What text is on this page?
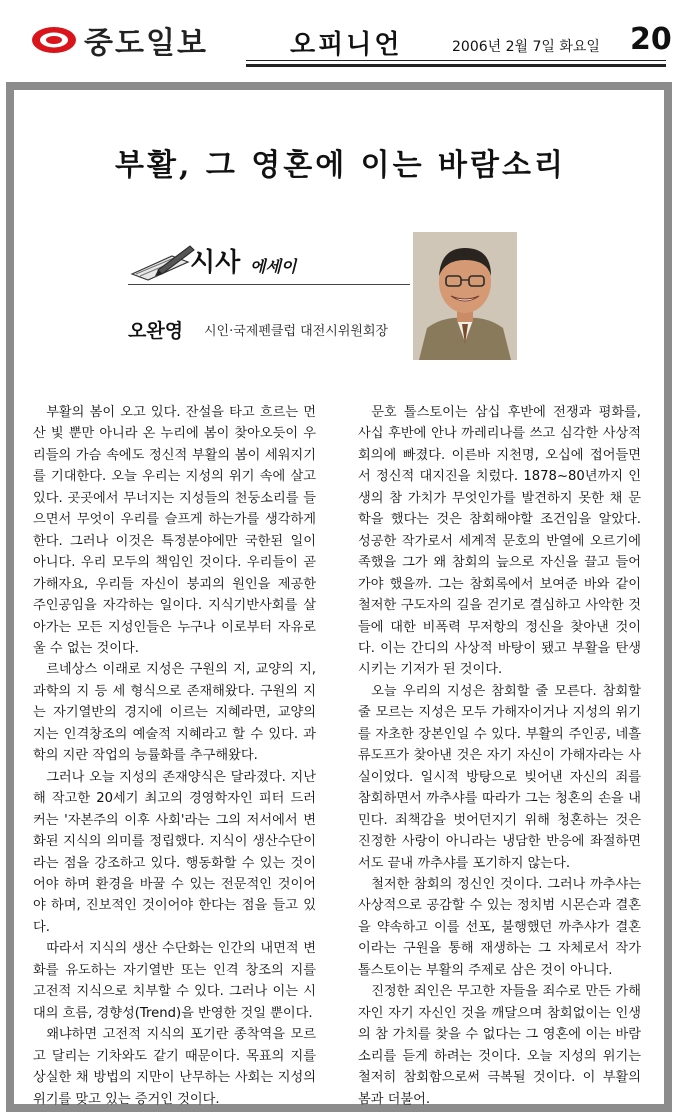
중도일보	오피니언	2006년 2월 7일 화요일 20
부활, 그 영혼에 이는 바람소리
시사 에세이
오완영 시인·국제펜클럽 대전시위원회장

부활의 봄이 오고 있다. 잔설을 타고 흐르는 먼 산 빛 뿐만 아니라 온 누리에 봄이 찾아오듯이 우리들의 가슴 속에도 정신적 부활의 봄이 세워지기를 기대한다. 오늘 우리는 지성의 위기 속에 살고 있다. 곳곳에서 무너지는 지성들의 천둥소리를 들으면서 무엇이 우리를 슬프게 하는가를 생각하게 한다. 그러나 이것은 특정분야에만 국한된 일이 아니다. 우리 모두의 책임인 것이다. 우리들이 곧 가해자요, 우리들 자신이 붕괴의 원인을 제공한 주인공임을 자각하는 일이다. 지식기반사회를 살아가는 모든 지성인들은 누구나 이로부터 자유로울 수 없는 것이다.

르네상스 이래로 지성은 구원의 지, 교양의 지, 과학의 지 등 세 형식으로 존재해왔다. 구원의 지는 자기열반의 경지에 이르는 지혜라면, 교양의 지는 인격창조의 예술적 지혜라고 할 수 있다. 과학의 지란 작업의 능률화를 추구해왔다.

그러나 오늘 지성의 존재양식은 달라졌다. 지난해 작고한 20세기 최고의 경영학자인 피터 드러커는 '자본주의 이후 사회'라는 그의 저서에서 변화된 지식의 의미를 정립했다. 지식이 생산수단이라는 점을 강조하고 있다. 행동화할 수 있는 것이어야 하며 환경을 바꿀 수 있는 전문적인 것이어야 하며, 진보적인 것이어야 한다는 점을 들고 있다.

따라서 지식의 생산 수단화는 인간의 내면적 변화를 유도하는 자기열반 또는 인격 창조의 지를 고전적 지식으로 치부할 수 있다. 그러나 이는 시대의 흐름, 경향성(Trend)을 반영한 것일 뿐이다.

왜냐하면 고전적 지식의 포기란 종착역을 모르고 달리는 기차와도 같기 때문이다. 목표의 지를 상실한 채 방법의 지만이 난무하는 사회는 지성의 위기를 맞고 있는 증거인 것이다.

문호 톨스토이는 삼십 후반에 전쟁과 평화를, 사십 후반에 안나 까레리나를 쓰고 심각한 사상적 회의에 빠졌다. 이른바 지천명, 오십에 접어들면서 정신적 대지진을 치렀다. 1878~80년까지 인생의 참 가치가 무엇인가를 발견하지 못한 채 문학을 했다는 것은 참회해야할 조건임을 알았다. 성공한 작가로서 세계적 문호의 반열에 오르기에 족했을 그가 왜 참회의 늪으로 자신을 끌고 들어가야 했을까. 그는 참회록에서 보여준 바와 같이 철저한 구도자의 길을 걷기로 결심하고 사악한 것들에 대한 비폭력 무저항의 정신을 찾아낸 것이다. 이는 간디의 사상적 바탕이 됐고 부활을 탄생시키는 기저가 된 것이다.

오늘 우리의 지성은 참회할 줄 모른다. 참회할 줄 모르는 지성은 모두 가해자이거나 지성의 위기를 자초한 장본인일 수 있다. 부활의 주인공, 네흘류도프가 찾아낸 것은 자기 자신이 가해자라는 사실이었다. 일시적 방탕으로 빚어낸 자신의 죄를 참회하면서 까추샤를 따라가 그는 청혼의 손을 내민다. 죄책감을 벗어던지기 위해 청혼하는 것은 진정한 사랑이 아니라는 냉담한 반응에 좌절하면서도 끝내 까추샤를 포기하지 않는다.

철저한 참회의 정신인 것이다. 그러나 까추샤는 사상적으로 공감할 수 있는 정치범 시몬슨과 결혼을 약속하고 이를 선포, 불행했던 까추샤가 결혼이라는 구원을 통해 재생하는 그 자체로서 작가 톨스토이는 부활의 주제로 삼은 것이 아니다.

진정한 죄인은 무고한 자들을 죄수로 만든 가해자인 자기 자신인 것을 깨달으며 참회없이는 인생의 참 가치를 찾을 수 없다는 그 영혼에 이는 바람소리를 듣게 하려는 것이다. 오늘 지성의 위기는 철저히 참회함으로써 극복될 것이다. 이 부활의 봄과 더불어.
